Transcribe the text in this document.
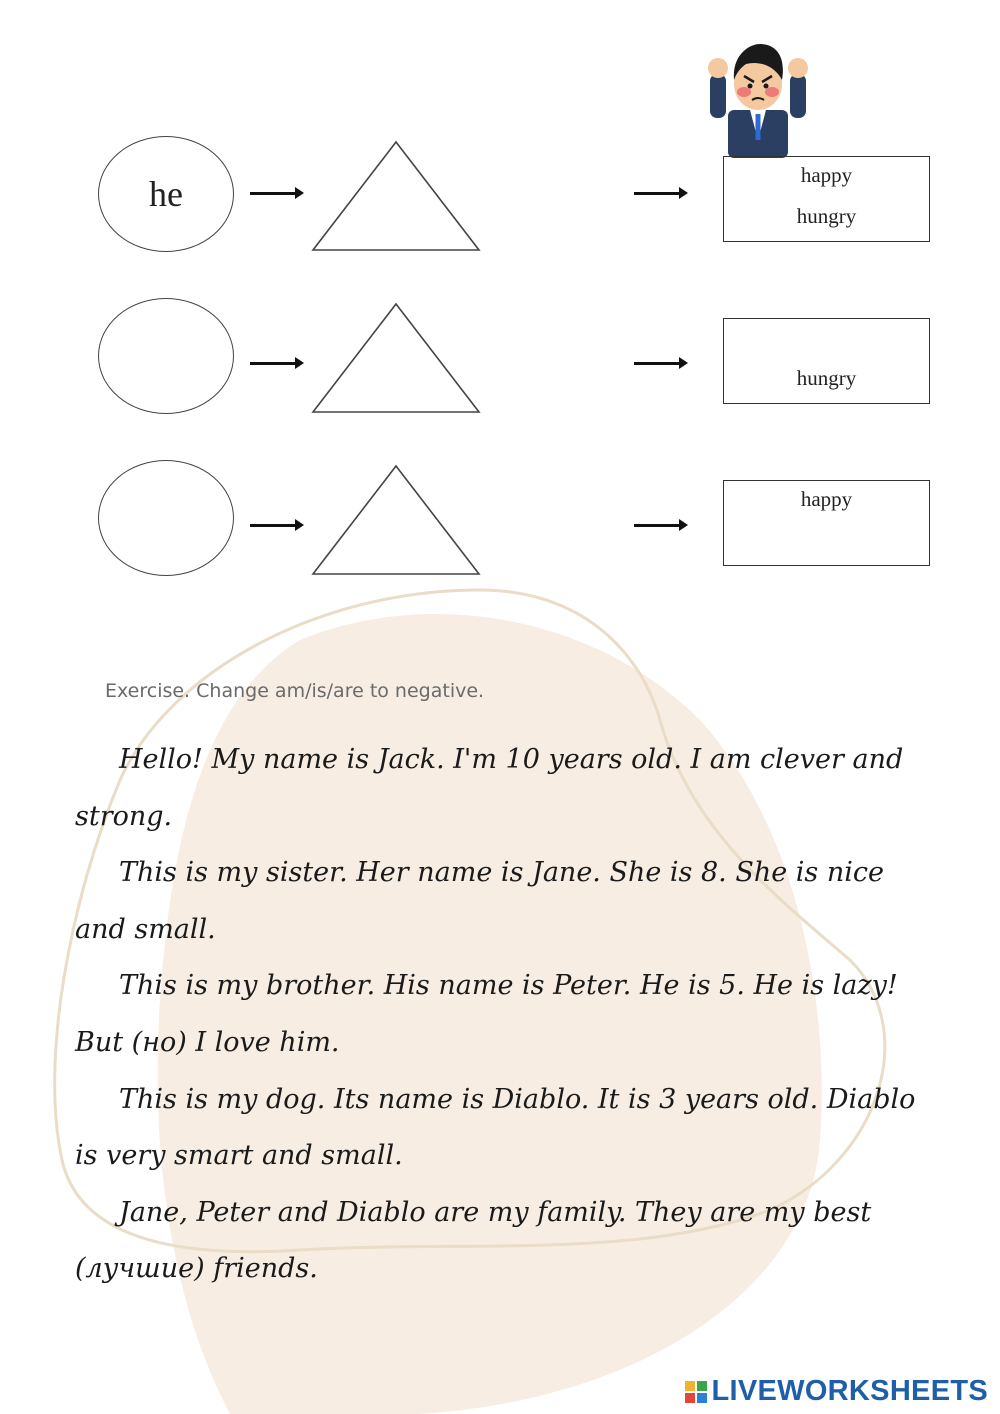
he	happy
hungry
hungry
happy
Exercise. Change am/is/are to negative.

Hello! My name is Jack. I'm 10 years old. I am clever and strong.

This is my sister. Her name is Jane. She is 8. She is nice and small.

This is my brother. His name is Peter. He is 5. He is lazy! But (но) I love him.

This is my dog. Its name is Diablo. It is 3 years old. Diablo is very smart and small.

Jane, Peter and Diablo are my family. They are my best (лучшие) friends.

LIVEWORKSHEETS
